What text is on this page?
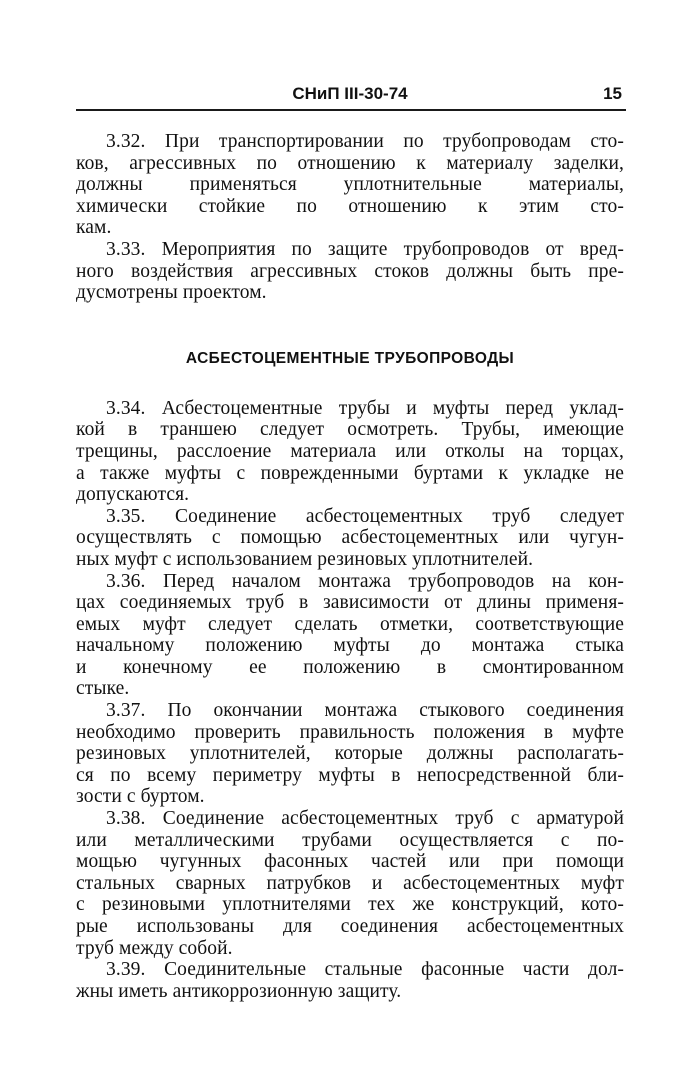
СНиП III-30-74	15

3.32. При транспортировании по трубопроводам сто-
ков, агрессивных по отношению к материалу заделки,
должны применяться уплотнительные материалы,
химически стойкие по отношению к этим сто-
кам.

3.33. Мероприятия по защите трубопроводов от вред-
ного воздействия агрессивных стоков должны быть пре-
дусмотрены проектом.

АСБЕСТОЦЕМЕНТНЫЕ ТРУБОПРОВОДЫ

3.34. Асбестоцементные трубы и муфты перед уклад-
кой в траншею следует осмотреть. Трубы, имеющие
трещины, расслоение материала или отколы на торцах,
а также муфты с поврежденными буртами к укладке не
допускаются.

3.35. Соединение асбестоцементных труб следует
осуществлять с помощью асбестоцементных или чугун-
ных муфт с использованием резиновых уплотнителей.

3.36. Перед началом монтажа трубопроводов на кон-
цах соединяемых труб в зависимости от длины применя-
емых муфт следует сделать отметки, соответствующие
начальному положению муфты до монтажа стыка
и конечному ее положению в смонтированном
стыке.

3.37. По окончании монтажа стыкового соединения
необходимо проверить правильность положения в муфте
резиновых уплотнителей, которые должны располагать-
ся по всему периметру муфты в непосредственной бли-
зости с буртом.

3.38. Соединение асбестоцементных труб с арматурой
или металлическими трубами осуществляется с по-
мощью чугунных фасонных частей или при помощи
стальных сварных патрубков и асбестоцементных муфт
с резиновыми уплотнителями тех же конструкций, кото-
рые использованы для соединения асбестоцементных
труб между собой.

3.39. Соединительные стальные фасонные части дол-
жны иметь антикоррозионную защиту.
